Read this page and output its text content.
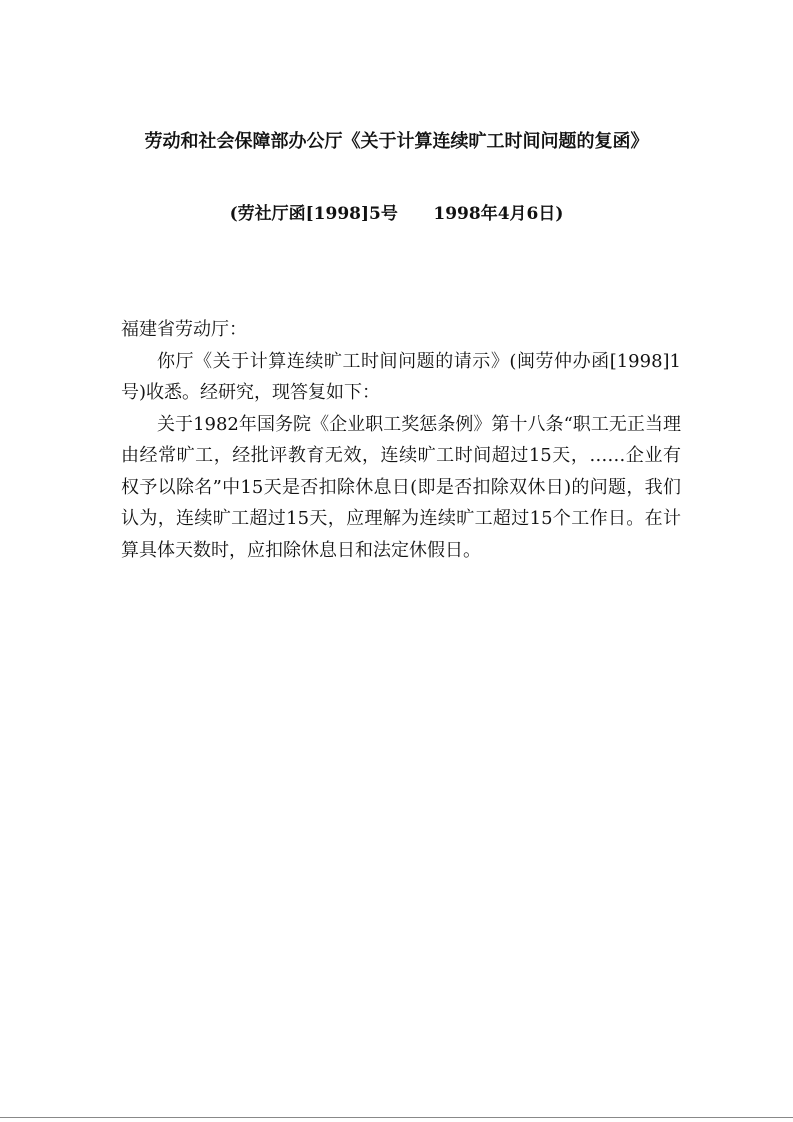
劳动和社会保障部办公厅《关于计算连续旷工时间问题的复函》
(劳社厅函[1998]5号      1998年4月6日)

福建省劳动厅：

你厅《关于计算连续旷工时间问题的请示》(闽劳仲办函[1998]1号)收悉。经研究，现答复如下：

关于1982年国务院《企业职工奖惩条例》第十八条“职工无正当理由经常旷工，经批评教育无效，连续旷工时间超过15天，……企业有权予以除名”中15天是否扣除休息日(即是否扣除双休日)的问题，我们认为，连续旷工超过15天，应理解为连续旷工超过15个工作日。在计算具体天数时，应扣除休息日和法定休假日。
